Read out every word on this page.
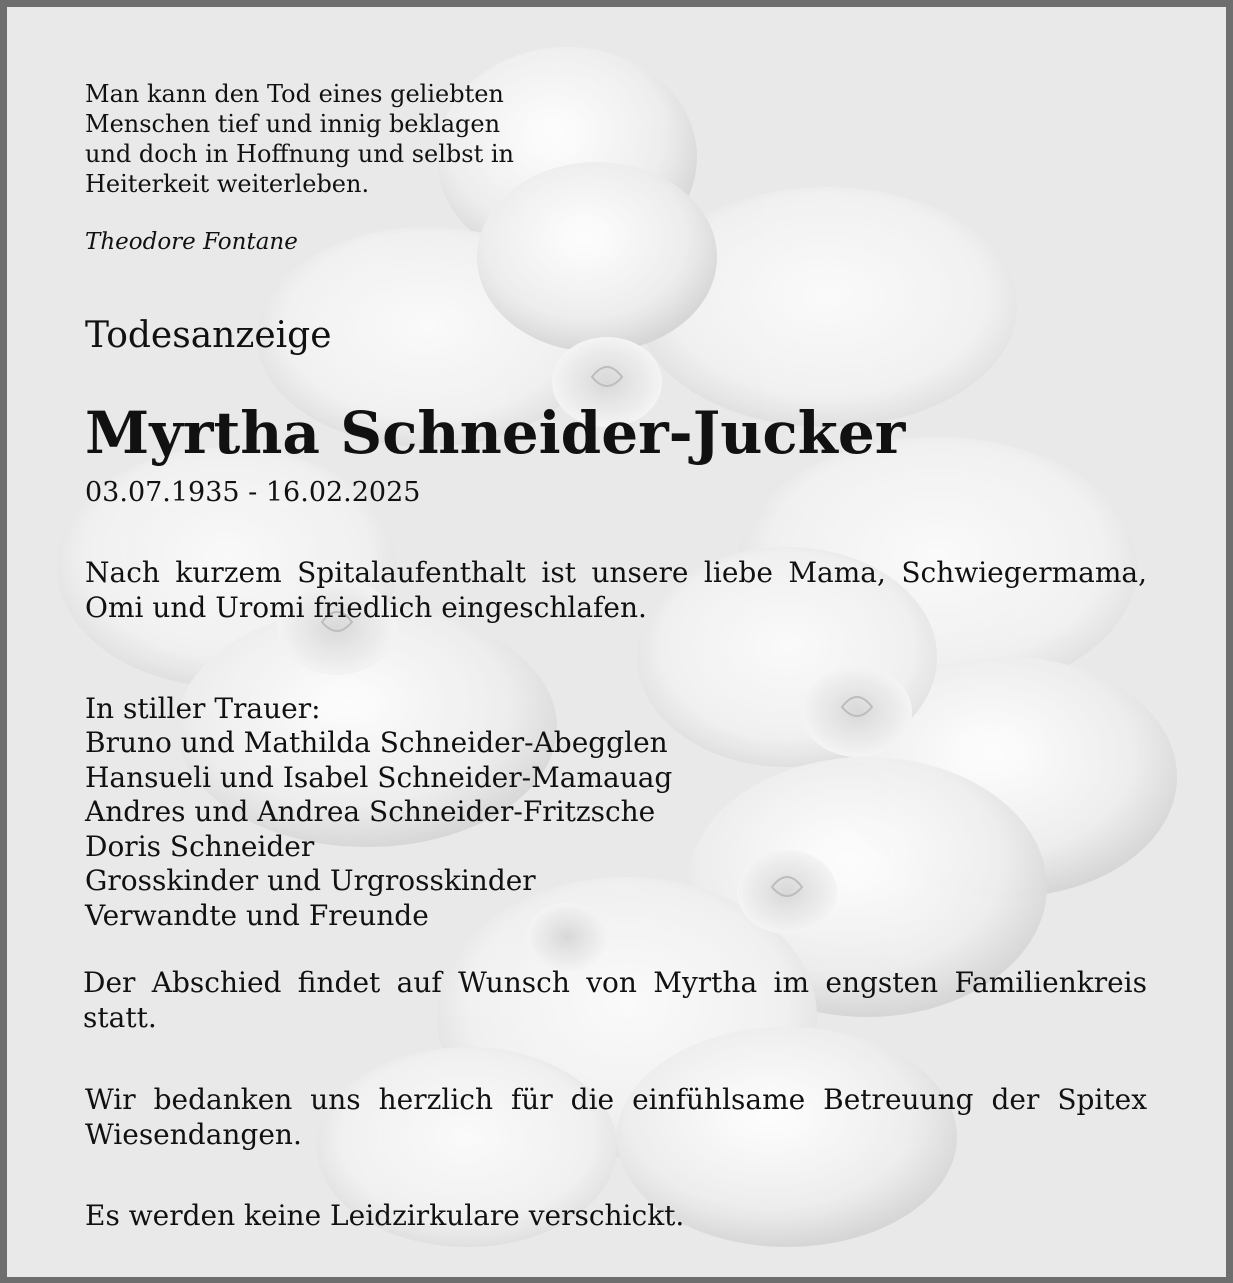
Man kann den Tod eines geliebten
Menschen tief und innig beklagen
und doch in Hoffnung und selbst in
Heiterkeit weiterleben.

Theodore Fontane

Todesanzeige

Myrtha Schneider-Jucker

03.07.1935 - 16.02.2025

Nach kurzem Spitalaufenthalt ist unsere liebe Mama, Schwiegermama, Omi und Uromi friedlich eingeschlafen.

In stiller Trauer:

Bruno und Mathilda Schneider-Abegglen
Hansueli und Isabel Schneider-Mamauag
Andres und Andrea Schneider-Fritzsche
Doris Schneider
Grosskinder und Urgrosskinder
Verwandte und Freunde

Der Abschied findet auf Wunsch von Myrtha im engsten Familienkreis statt.

Wir bedanken uns herzlich für die einfühlsame Betreuung der Spitex Wiesendangen.

Es werden keine Leidzirkulare verschickt.
